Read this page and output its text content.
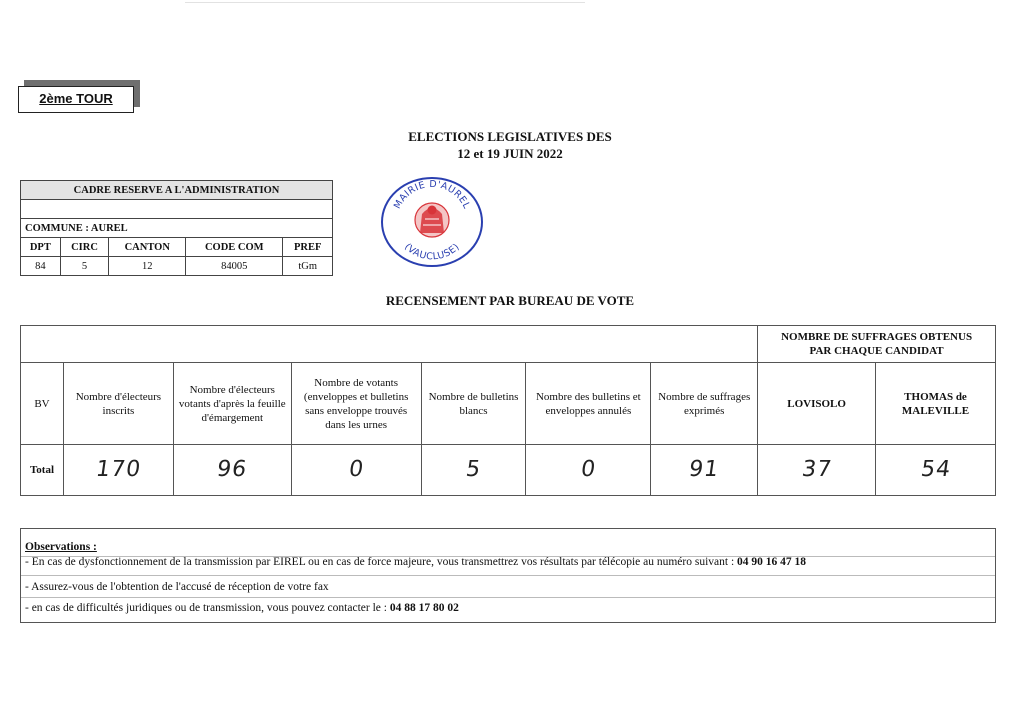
2ème TOUR
ELECTIONS LEGISLATIVES DES
12 et 19 JUIN 2022
CADRE RESERVE A L'ADMINISTRATION				

COMMUNE : AUREL				
DPT	CIRC	CANTON	CODE COM	PREF
84	5	12	84005	tGm
MAIRIE D'AUREL
(VAUCLUSE)
RECENSEMENT PAR BUREAU DE VOTE

							NOMBRE DE SUFFRAGES OBTENUS
PAR CHAQUE CANDIDAT	

BV	Nombre d'électeurs inscrits	Nombre d'électeurs votants d'après la feuille d'émargement	Nombre de votants (enveloppes et bulletins sans enveloppe trouvés dans les urnes	Nombre de bulletins blancs	Nombre des bulletins et enveloppes annulés	Nombre de suffrages exprimés	LOVISOLO	THOMAS de MALEVILLE
Total	170	96	0	5	0	91	37	54
Observations :
- En cas de dysfonctionnement de la transmission par EIREL ou en cas de force majeure, vous transmettrez vos résultats par télécopie au numéro suivant : 04 90 16 47 18
- Assurez-vous de l'obtention de l'accusé de réception de votre fax
- en cas de difficultés juridiques ou de transmission, vous pouvez contacter le : 04 88 17 80 02
